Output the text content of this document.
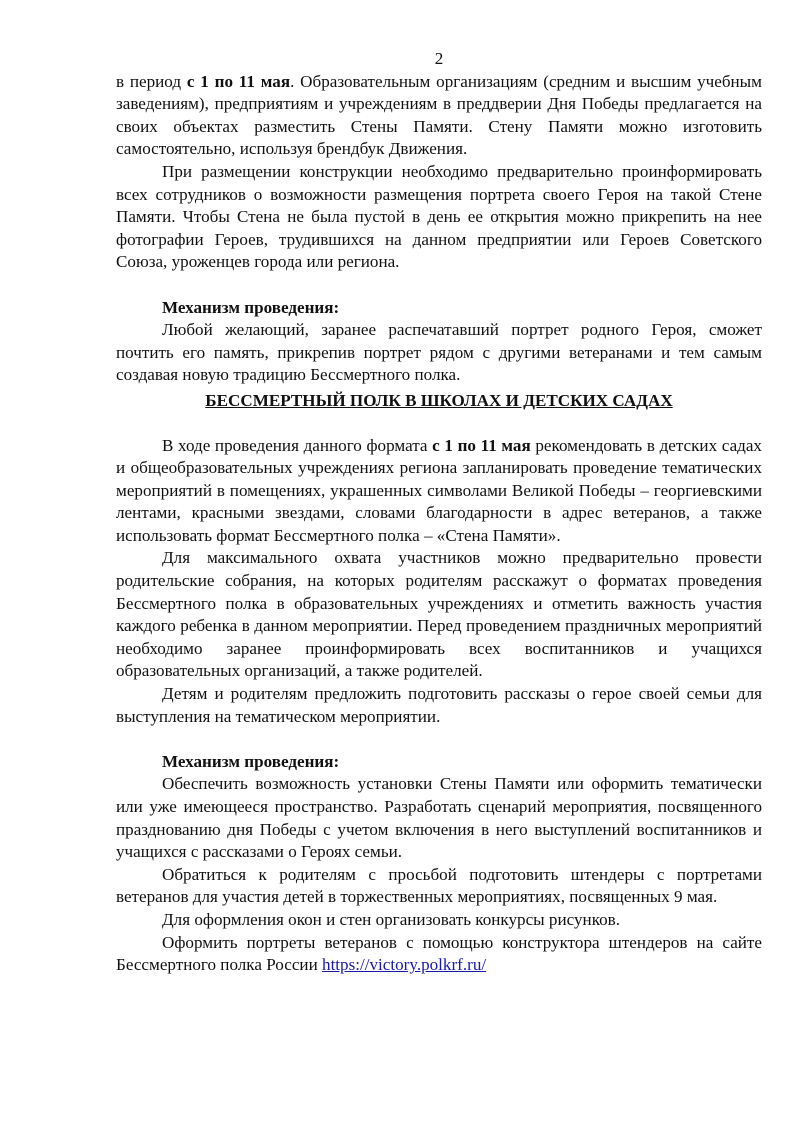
2

в период с 1 по 11 мая. Образовательным организациям (средним и высшим учебным заведениям), предприятиям и учреждениям в преддверии Дня Победы предлагается на своих объектах разместить Стены Памяти. Стену Памяти можно изготовить самостоятельно, используя брендбук Движения.

При размещении конструкции необходимо предварительно проинформировать всех сотрудников о возможности размещения портрета своего Героя на такой Стене Памяти. Чтобы Стена не была пустой в день ее открытия можно прикрепить на нее фотографии Героев, трудившихся на данном предприятии или Героев Советского Союза, уроженцев города или региона.

Механизм проведения:

Любой желающий, заранее распечатавший портрет родного Героя, сможет почтить его память, прикрепив портрет рядом с другими ветеранами и тем самым создавая новую традицию Бессмертного полка.

БЕССМЕРТНЫЙ ПОЛК В ШКОЛАХ И ДЕТСКИХ САДАХ

В ходе проведения данного формата с 1 по 11 мая рекомендовать в детских садах и общеобразовательных учреждениях региона запланировать проведение тематических мероприятий в помещениях, украшенных символами Великой Победы – георгиевскими лентами, красными звездами, словами благодарности в адрес ветеранов, а также использовать формат Бессмертного полка – «Стена Памяти».

Для максимального охвата участников можно предварительно провести родительские собрания, на которых родителям расскажут о форматах проведения Бессмертного полка в образовательных учреждениях и отметить важность участия каждого ребенка в данном мероприятии. Перед проведением праздничных мероприятий необходимо заранее проинформировать всех воспитанников и учащихся образовательных организаций, а также родителей.

Детям и родителям предложить подготовить рассказы о герое своей семьи для выступления на тематическом мероприятии.

Механизм проведения:

Обеспечить возможность установки Стены Памяти или оформить тематически или уже имеющееся пространство. Разработать сценарий мероприятия, посвященного празднованию дня Победы с учетом включения в него выступлений воспитанников и учащихся с рассказами о Героях семьи.

Обратиться к родителям с просьбой подготовить штендеры с портретами ветеранов для участия детей в торжественных мероприятиях, посвященных 9 мая.

Для оформления окон и стен организовать конкурсы рисунков.

Оформить портреты ветеранов с помощью конструктора штендеров на сайте Бессмертного полка России https://victory.polkrf.ru/
